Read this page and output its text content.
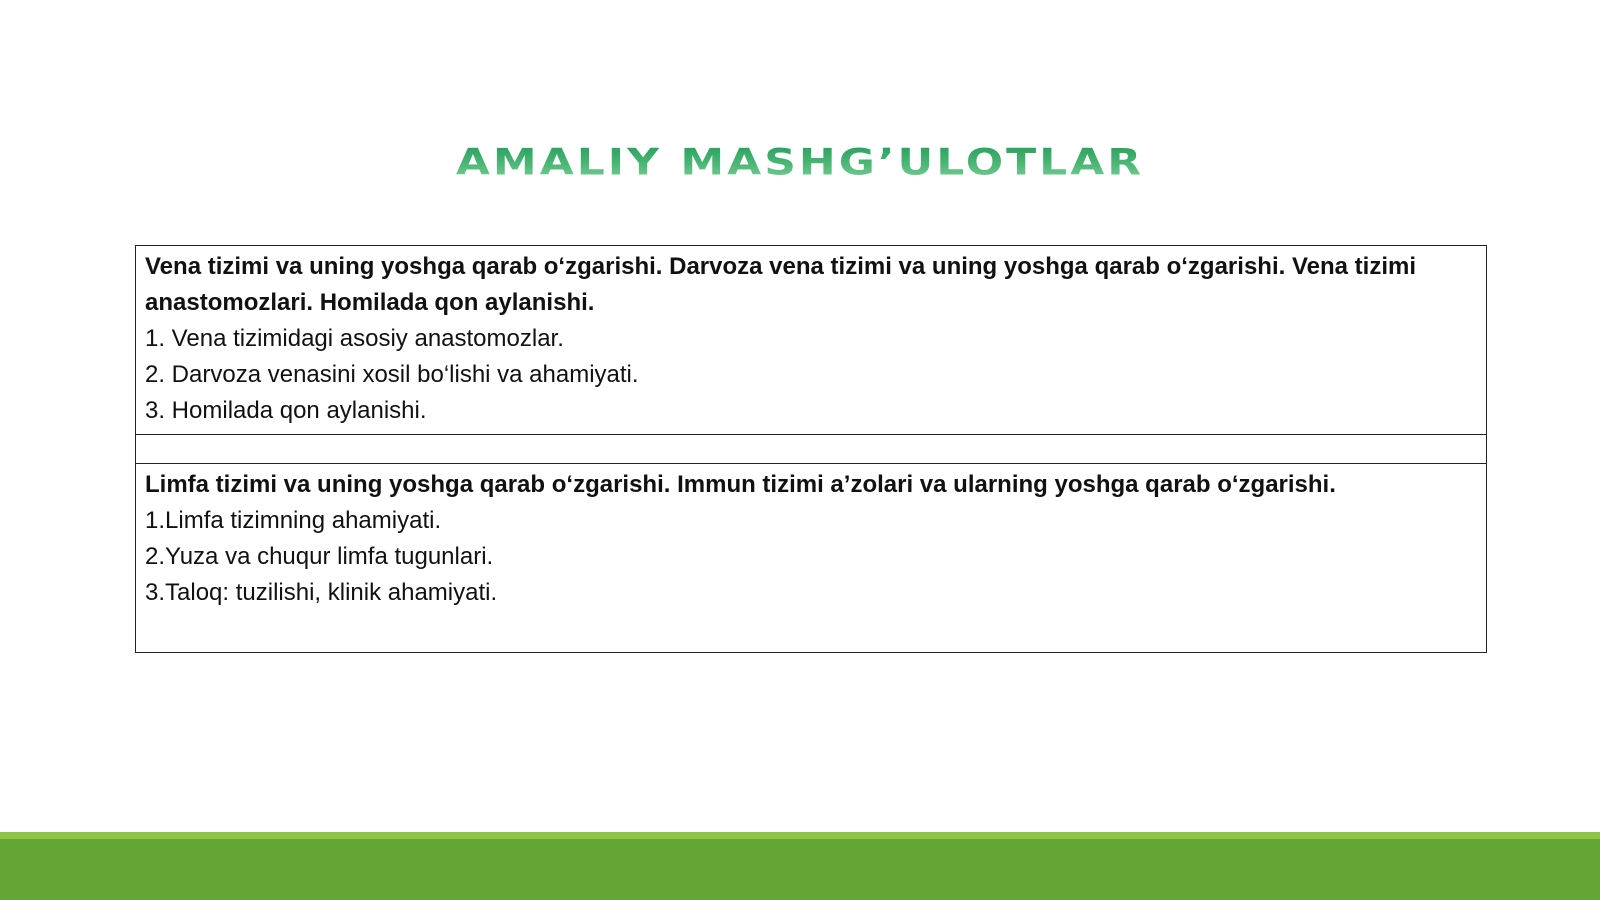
AMALIY MASHG’ULOTLAR

Vena tizimi va uning yoshga qarab o‘zgarishi. Darvoza vena tizimi va uning yoshga qarab o‘zgarishi. Vena tizimi anastomozlari. Homilada qon aylanishi.

1. Vena tizimidagi asosiy anastomozlar.
2. Darvoza venasini xosil bo‘lishi va ahamiyati.
3. Homilada qon aylanishi.

Limfa tizimi va uning yoshga qarab o‘zgarishi. Immun tizimi a’zolari va ularning yoshga qarab o‘zgarishi.

1.Limfa tizimning ahamiyati.
2.Yuza va chuqur limfa tugunlari.
3.Taloq: tuzilishi, klinik ahamiyati.
